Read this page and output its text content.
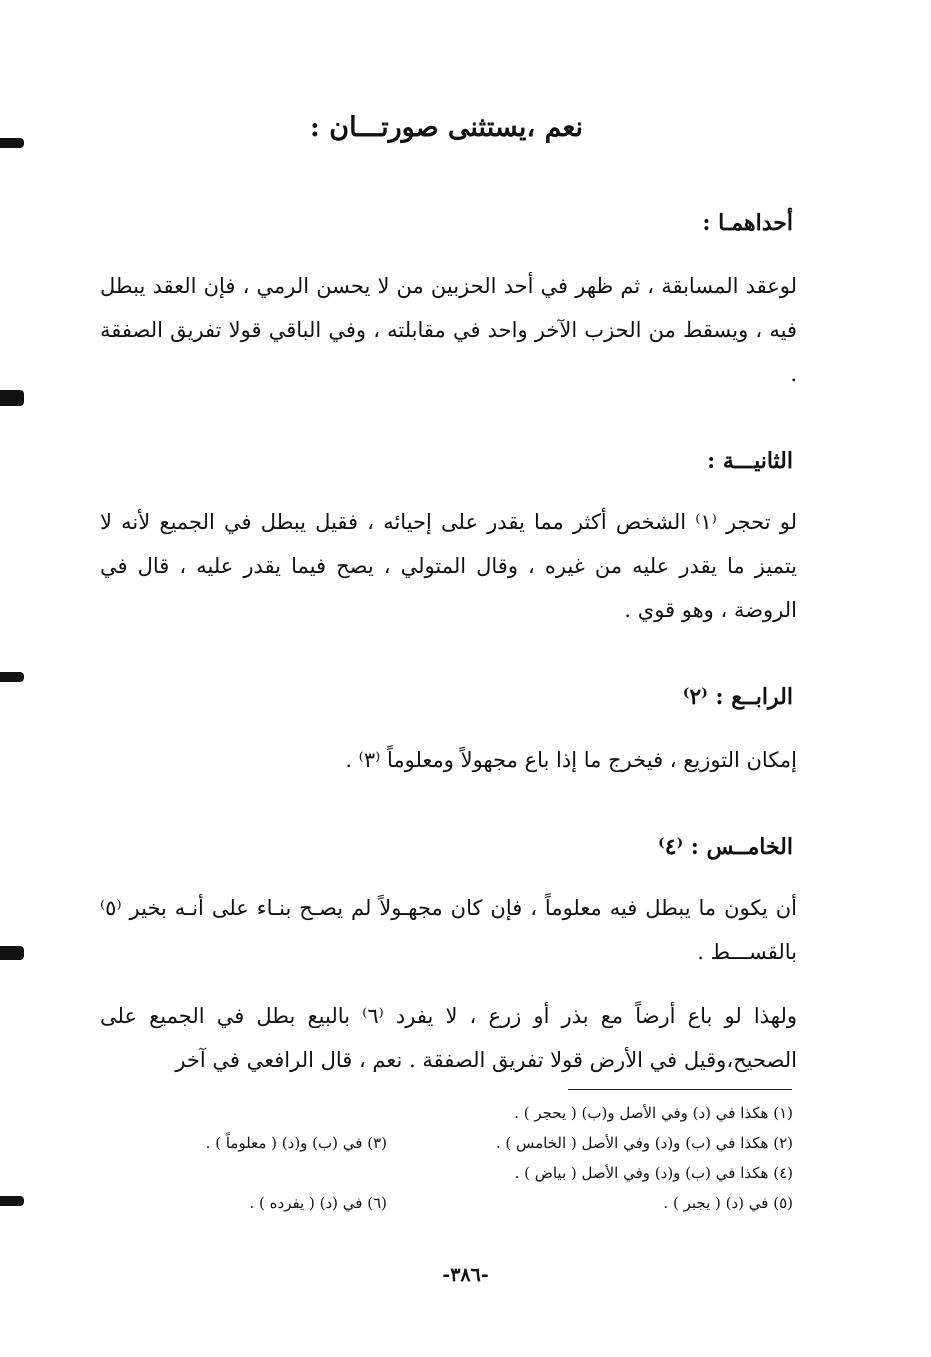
نعم ،يستثنى صورتـــان :
أحداهمـا :
لوعقد المسابقة ، ثم ظهر في أحد الحزبين من لا يحسن الرمي ، فإن العقد يبطل فيه ، ويسقط من الحزب الآخر واحد في مقابلته ، وفي الباقي قولا تفريق الصفقة .
الثانيـــة :
لو تحجر ⁽١⁾ الشخص أكثر مما يقدر على إحيائه ، فقيل يبطل في الجميع لأنه لا يتميز ما يقدر عليه من غيره ، وقال المتولي ، يصح فيما يقدر عليه ، قال في الروضة ، وهو قوي .
الرابــع : ⁽٢⁾
إمكان التوزيع ، فيخرج ما إذا باع مجهولاً ومعلوماً ⁽٣⁾ .
الخامــس : ⁽٤⁾
أن يكون ما يبطل فيه معلوماً ، فإن كان مجهـولاً لم يصـح بنـاء على أنـه بخير ⁽٥⁾ بالقســـط .
ولهذا لو باع أرضاً مع بذر أو زرع ، لا يفرد ⁽٦⁾ بالبيع بطل في الجميع على الصحيح،وقيل في الأرض قولا تفريق الصفقة . نعم ، قال الرافعي في آخر
(١) هكذا في (د) وفي الأصل و(ب) ( يحجر ) .
(٢) هكذا في (ب) و(د) وفي الأصل ( الخامس ) .
(٤) هكذا في (ب) و(د) وفي الأصل ( بياض ) .
(٥) في (د) ( يجبر ) .
(٣) في (ب) و(د) ( معلوماً ) .
(٦) في (د) ( يفرده ) .
-٣٨٦-
